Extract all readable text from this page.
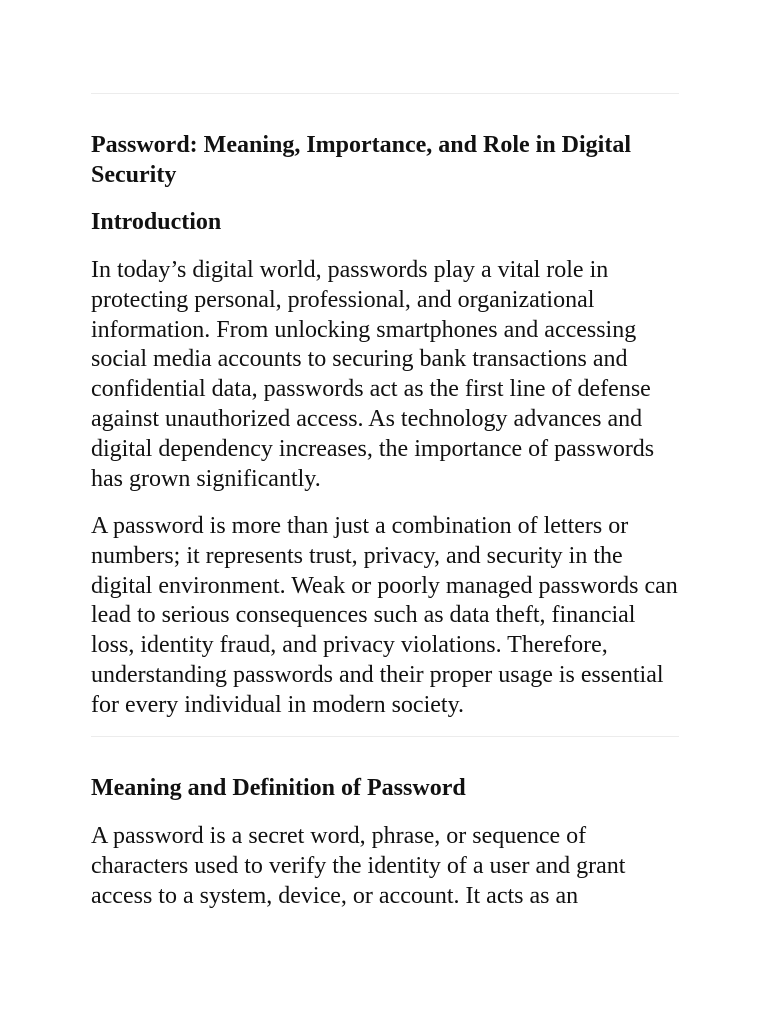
Password: Meaning, Importance, and Role in Digital Security
Introduction

In today’s digital world, passwords play a vital role in protecting personal, professional, and organizational information. From unlocking smartphones and accessing social media accounts to securing bank transactions and confidential data, passwords act as the first line of defense against unauthorized access. As technology advances and digital dependency increases, the importance of passwords has grown significantly.

A password is more than just a combination of letters or numbers; it represents trust, privacy, and security in the digital environment. Weak or poorly managed passwords can lead to serious consequences such as data theft, financial loss, identity fraud, and privacy violations. Therefore, understanding passwords and their proper usage is essential for every individual in modern society.

Meaning and Definition of Password

A password is a secret word, phrase, or sequence of characters used to verify the identity of a user and grant access to a system, device, or account. It acts as an
